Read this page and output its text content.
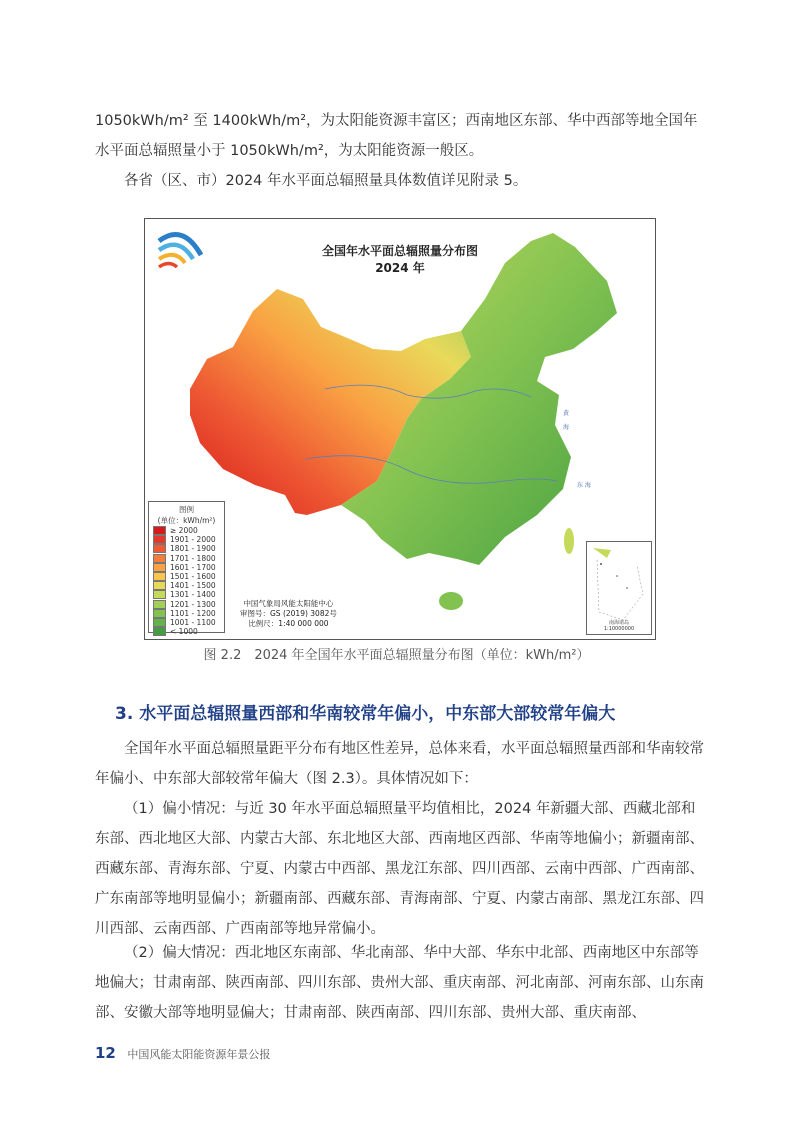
1050kWh/m² 至 1400kWh/m²，为太阳能资源丰富区；西南地区东部、华中西部等地全国年水平面总辐照量小于 1050kWh/m²，为太阳能资源一般区。

各省（区、市）2024 年水平面总辐照量具体数值详见附录 5。

黄
海
东 海
全国年水平面总辐照量分布图
2024 年
图例
(单位：kWh/m²)
≥ 2000
1901 - 2000
1801 - 1900
1701 - 1800
1601 - 1700
1501 - 1600
1401 - 1500
1301 - 1400
1201 - 1300
1101 - 1200
1001 - 1100
< 1000
中国气象局风能太阳能中心
审图号：GS (2019) 3082号
比例尺：1:40 000 000	南海诸岛
1:10000000
图 2.2　2024 年全国年水平面总辐照量分布图（单位：kWh/m²）
3. 水平面总辐照量西部和华南较常年偏小，中东部大部较常年偏大

全国年水平面总辐照量距平分布有地区性差异，总体来看，水平面总辐照量西部和华南较常年偏小、中东部大部较常年偏大（图 2.3）。具体情况如下：

（1）偏小情况：与近 30 年水平面总辐照量平均值相比，2024 年新疆大部、西藏北部和东部、西北地区大部、内蒙古大部、东北地区大部、西南地区西部、华南等地偏小；新疆南部、西藏东部、青海东部、宁夏、内蒙古中西部、黑龙江东部、四川西部、云南中西部、广西南部、广东南部等地明显偏小；新疆南部、西藏东部、青海南部、宁夏、内蒙古南部、黑龙江东部、四川西部、云南西部、广西南部等地异常偏小。

（2）偏大情况：西北地区东南部、华北南部、华中大部、华东中北部、西南地区中东部等地偏大；甘肃南部、陕西南部、四川东部、贵州大部、重庆南部、河北南部、河南东部、山东南部、安徽大部等地明显偏大；甘肃南部、陕西南部、四川东部、贵州大部、重庆南部、

12 中国风能太阳能资源年景公报
